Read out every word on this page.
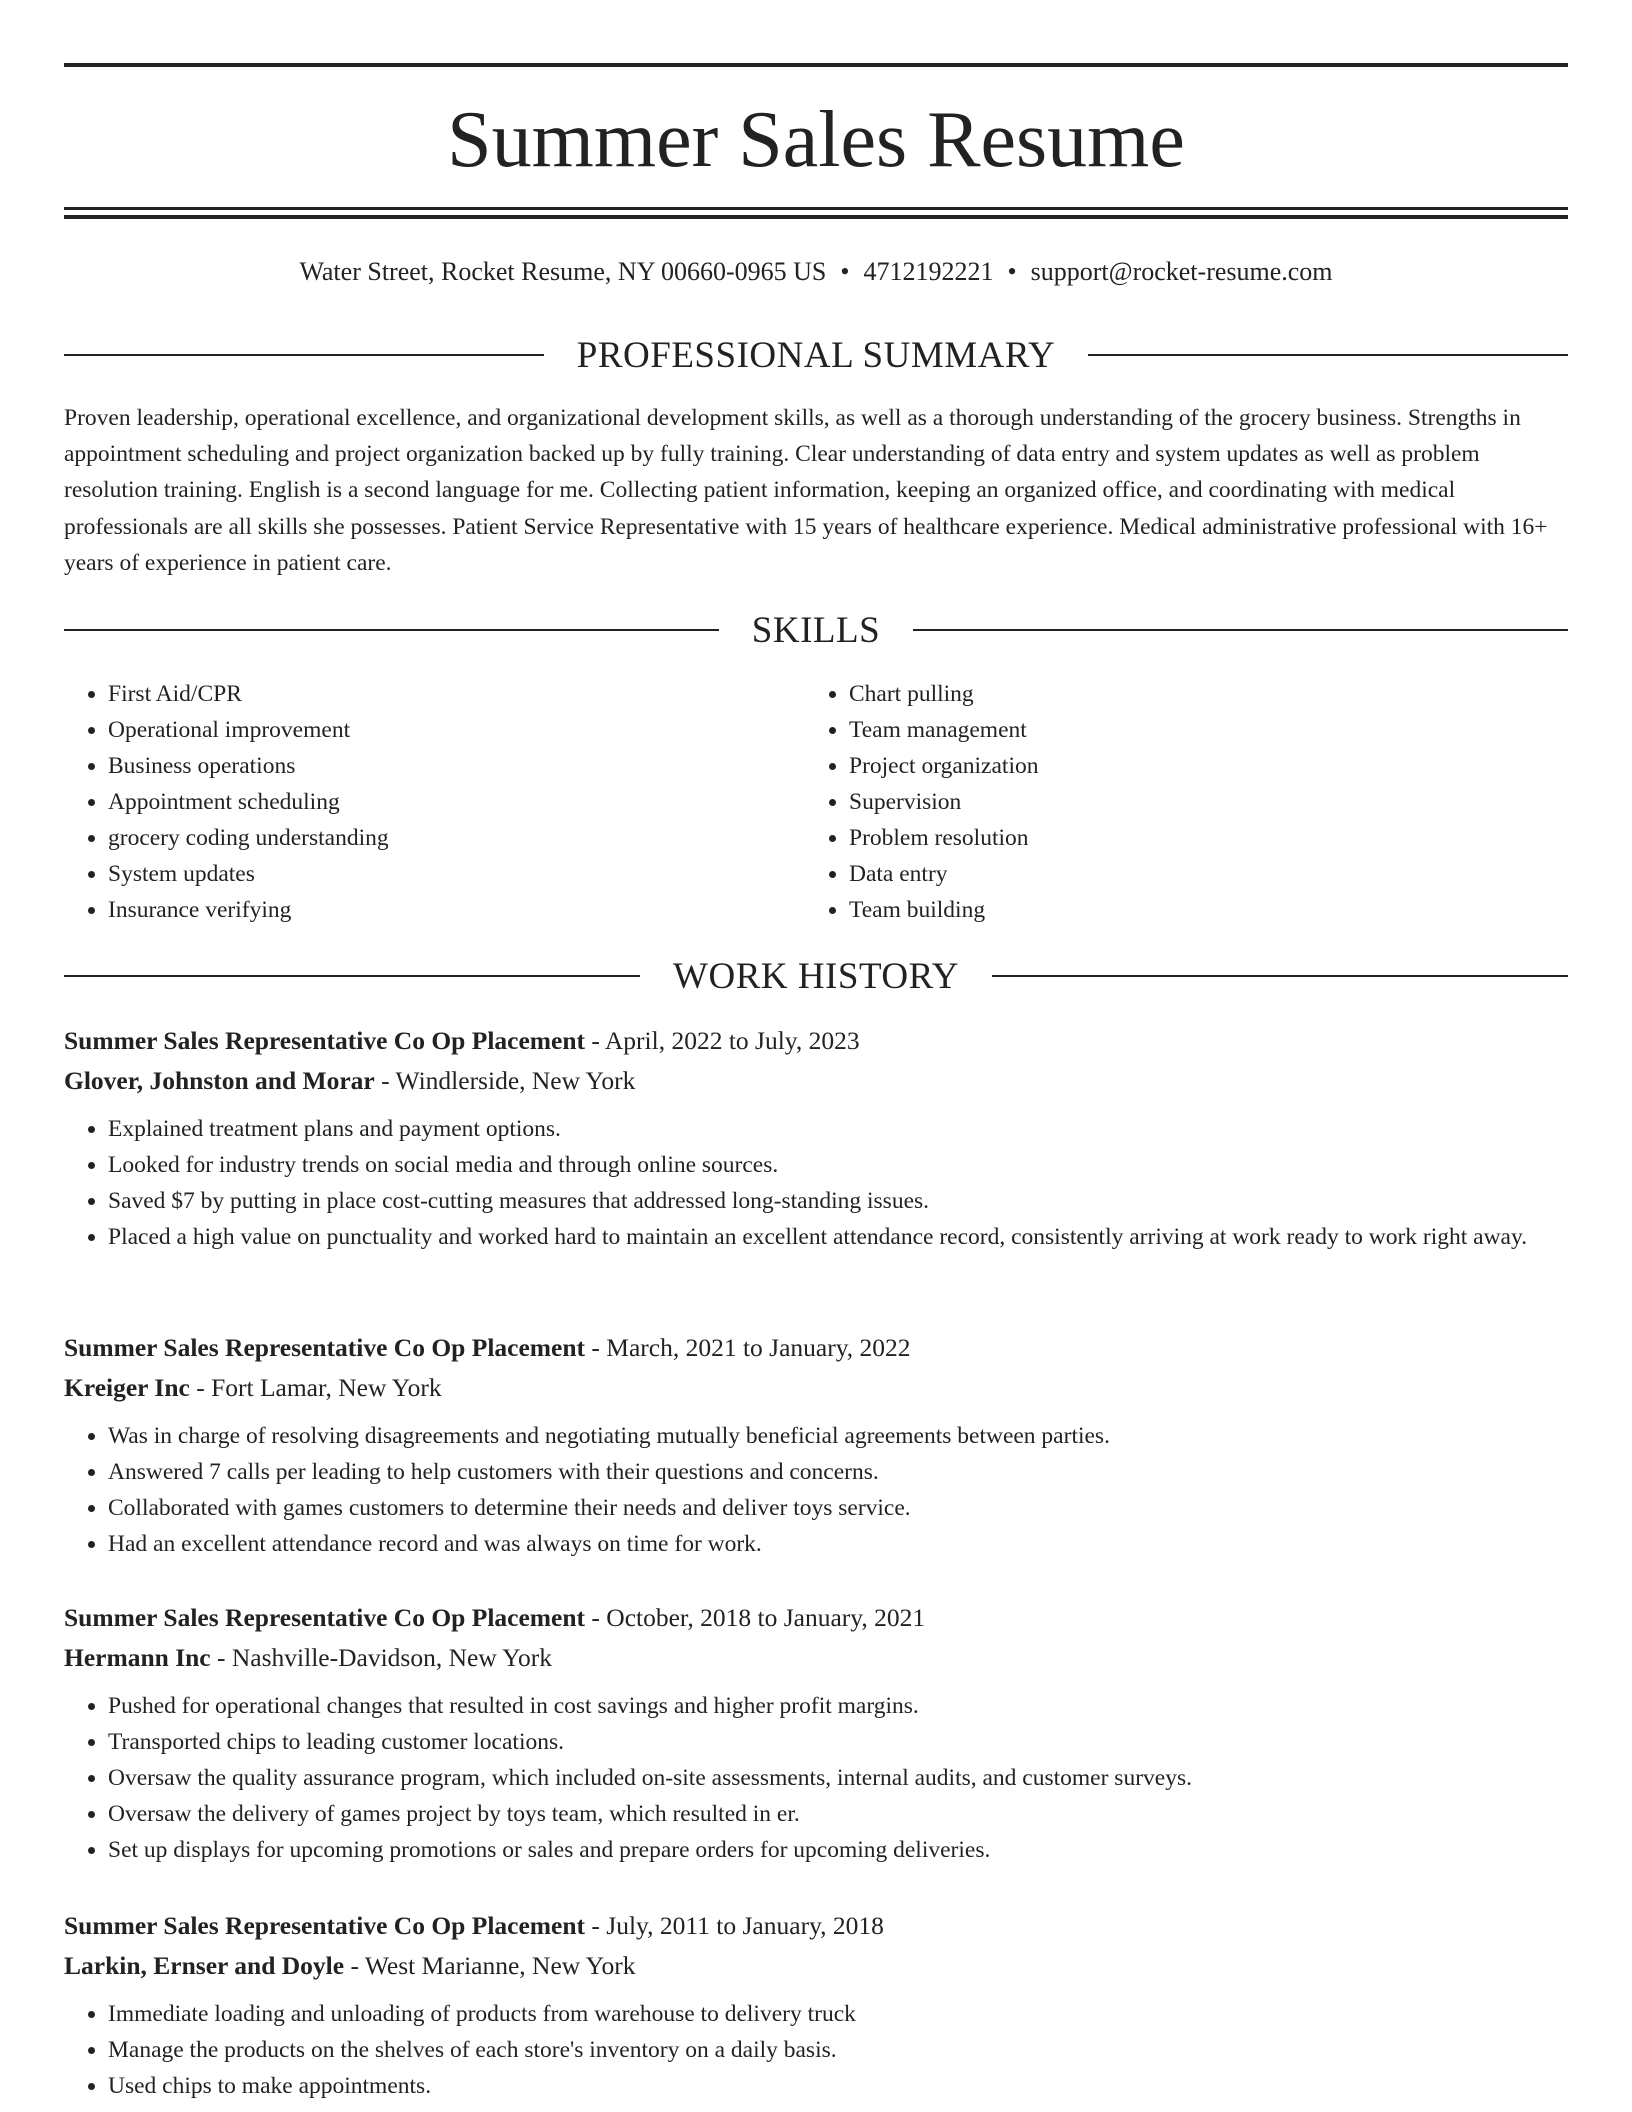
Summer Sales Resume
Water Street, Rocket Resume, NY 00660-0965 US • 4712192221 • support@rocket-resume.com
PROFESSIONAL SUMMARY

Proven leadership, operational excellence, and organizational development skills, as well as a thorough understanding of the grocery business. Strengths in appointment scheduling and project organization backed up by fully training. Clear understanding of data entry and system updates as well as problem resolution training. English is a second language for me. Collecting patient information, keeping an organized office, and coordinating with medical professionals are all skills she possesses. Patient Service Representative with 15 years of healthcare experience. Medical administrative professional with 16+ years of experience in patient care.

SKILLS
• First Aid/CPR
• Operational improvement
• Business operations
• Appointment scheduling
• grocery coding understanding
• System updates
• Insurance verifying
• Chart pulling
• Team management
• Project organization
• Supervision
• Problem resolution
• Data entry
• Team building
WORK HISTORY
Summer Sales Representative Co Op Placement - April, 2022 to July, 2023
Glover, Johnston and Morar - Windlerside, New York
• Explained treatment plans and payment options.
• Looked for industry trends on social media and through online sources.
• Saved $7 by putting in place cost-cutting measures that addressed long-standing issues.
• Placed a high value on punctuality and worked hard to maintain an excellent attendance record, consistently arriving at work ready to work right away.
Summer Sales Representative Co Op Placement - March, 2021 to January, 2022
Kreiger Inc - Fort Lamar, New York
• Was in charge of resolving disagreements and negotiating mutually beneficial agreements between parties.
• Answered 7 calls per leading to help customers with their questions and concerns.
• Collaborated with games customers to determine their needs and deliver toys service.
• Had an excellent attendance record and was always on time for work.
Summer Sales Representative Co Op Placement - October, 2018 to January, 2021
Hermann Inc - Nashville-Davidson, New York
• Pushed for operational changes that resulted in cost savings and higher profit margins.
• Transported chips to leading customer locations.
• Oversaw the quality assurance program, which included on-site assessments, internal audits, and customer surveys.
• Oversaw the delivery of games project by toys team, which resulted in er.
• Set up displays for upcoming promotions or sales and prepare orders for upcoming deliveries.
Summer Sales Representative Co Op Placement - July, 2011 to January, 2018
Larkin, Ernser and Doyle - West Marianne, New York
• Immediate loading and unloading of products from warehouse to delivery truck
• Manage the products on the shelves of each store's inventory on a daily basis.
• Used chips to make appointments.
